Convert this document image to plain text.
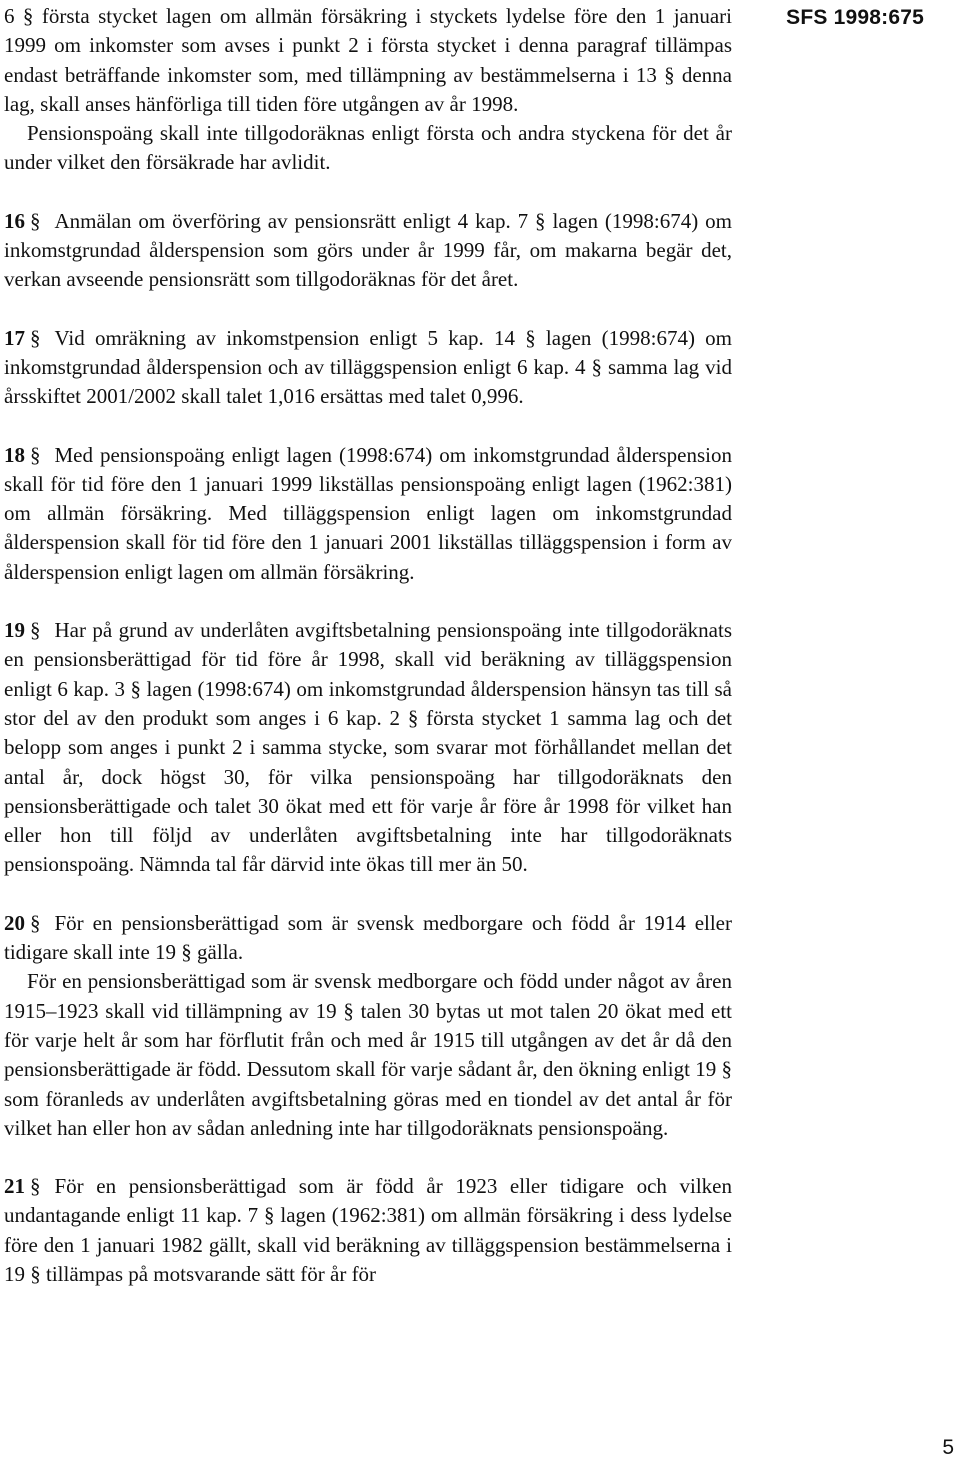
SFS 1998:675

6 § första stycket lagen om allmän försäkring i styckets lydelse före den 1 januari 1999 om inkomster som avses i punkt 2 i första stycket i denna paragraf tillämpas endast beträffande inkomster som, med tillämpning av bestämmelserna i 13 § denna lag, skall anses hänförliga till tiden före utgången av år 1998.

Pensionspoäng skall inte tillgodoräknas enligt första och andra styckena för det år under vilket den försäkrade har avlidit.

16 § Anmälan om överföring av pensionsrätt enligt 4 kap. 7 § lagen (1998:674) om inkomstgrundad ålderspension som görs under år 1999 får, om makarna begär det, verkan avseende pensionsrätt som tillgodoräknas för det året.

17 § Vid omräkning av inkomstpension enligt 5 kap. 14 § lagen (1998:674) om inkomstgrundad ålderspension och av tilläggspension enligt 6 kap. 4 § samma lag vid årsskiftet 2001/2002 skall talet 1,016 ersättas med talet 0,996.

18 § Med pensionspoäng enligt lagen (1998:674) om inkomstgrundad ålderspension skall för tid före den 1 januari 1999 likställas pensionspoäng enligt lagen (1962:381) om allmän försäkring. Med tilläggspension enligt lagen om inkomstgrundad ålderspension skall för tid före den 1 januari 2001 likställas tilläggspension i form av ålderspension enligt lagen om allmän försäkring.

19 § Har på grund av underlåten avgiftsbetalning pensionspoäng inte tillgodoräknats en pensionsberättigad för tid före år 1998, skall vid beräkning av tilläggspension enligt 6 kap. 3 § lagen (1998:674) om inkomstgrundad ålderspension hänsyn tas till så stor del av den produkt som anges i 6 kap. 2 § första stycket 1 samma lag och det belopp som anges i punkt 2 i samma stycke, som svarar mot förhållandet mellan det antal år, dock högst 30, för vilka pensionspoäng har tillgodoräknats den pensionsberättigade och talet 30 ökat med ett för varje år före år 1998 för vilket han eller hon till följd av underlåten avgiftsbetalning inte har tillgodoräknats pensionspoäng. Nämnda tal får därvid inte ökas till mer än 50.

20 § För en pensionsberättigad som är svensk medborgare och född år 1914 eller tidigare skall inte 19 § gälla.

För en pensionsberättigad som är svensk medborgare och född under något av åren 1915–1923 skall vid tillämpning av 19 § talen 30 bytas ut mot talen 20 ökat med ett för varje helt år som har förflutit från och med år 1915 till utgången av det år då den pensionsberättigade är född. Dessutom skall för varje sådant år, den ökning enligt 19 § som föranleds av underlåten avgiftsbetalning göras med en tiondel av det antal år för vilket han eller hon av sådan anledning inte har tillgodoräknats pensionspoäng.

21 § För en pensionsberättigad som är född år 1923 eller tidigare och vilken undantagande enligt 11 kap. 7 § lagen (1962:381) om allmän försäkring i dess lydelse före den 1 januari 1982 gällt, skall vid beräkning av tilläggspension bestämmelserna i 19 § tillämpas på motsvarande sätt för år för

5
